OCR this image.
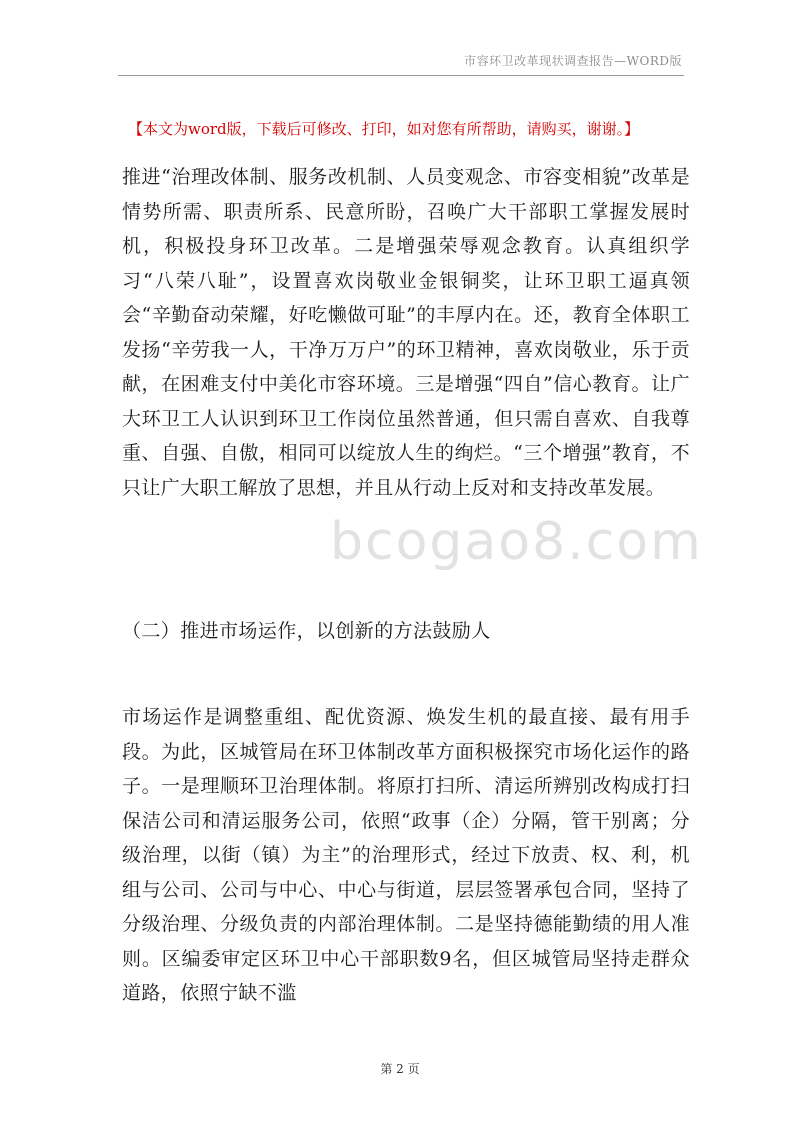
市容环卫改革现状调查报告—WORD版
【本文为word版，下载后可修改、打印，如对您有所帮助，请购买，谢谢。】
bcogao8.com
推进“治理改体制、服务改机制、人员变观念、市容变相貌”改革是情势所需、职责所系、民意所盼，召唤广大干部职工掌握发展时机，积极投身环卫改革。二是增强荣辱观念教育。认真组织学习“八荣八耻”，设置喜欢岗敬业金银铜奖，让环卫职工逼真领会“辛勤奋动荣耀，好吃懒做可耻”的丰厚内在。还，教育全体职工发扬“辛劳我一人，干净万万户”的环卫精神，喜欢岗敬业，乐于贡献，在困难支付中美化市容环境。三是增强“四自”信心教育。让广大环卫工人认识到环卫工作岗位虽然普通，但只需自喜欢、自我尊重、自强、自傲，相同可以绽放人生的绚烂。“三个增强”教育，不只让广大职工解放了思想，并且从行动上反对和支持改革发展。
（二）推进市场运作，以创新的方法鼓励人
市场运作是调整重组、配优资源、焕发生机的最直接、最有用手段。为此，区城管局在环卫体制改革方面积极探究市场化运作的路子。一是理顺环卫治理体制。将原打扫所、清运所辨别改构成打扫保洁公司和清运服务公司，依照“政事（企）分隔，管干别离；分级治理，以街（镇）为主”的治理形式，经过下放责、权、利，机组与公司、公司与中心、中心与街道，层层签署承包合同，坚持了分级治理、分级负责的内部治理体制。二是坚持德能勤绩的用人准则。区编委审定区环卫中心干部职数9名，但区城管局坚持走群众道路，依照宁缺不滥
第 2 页
